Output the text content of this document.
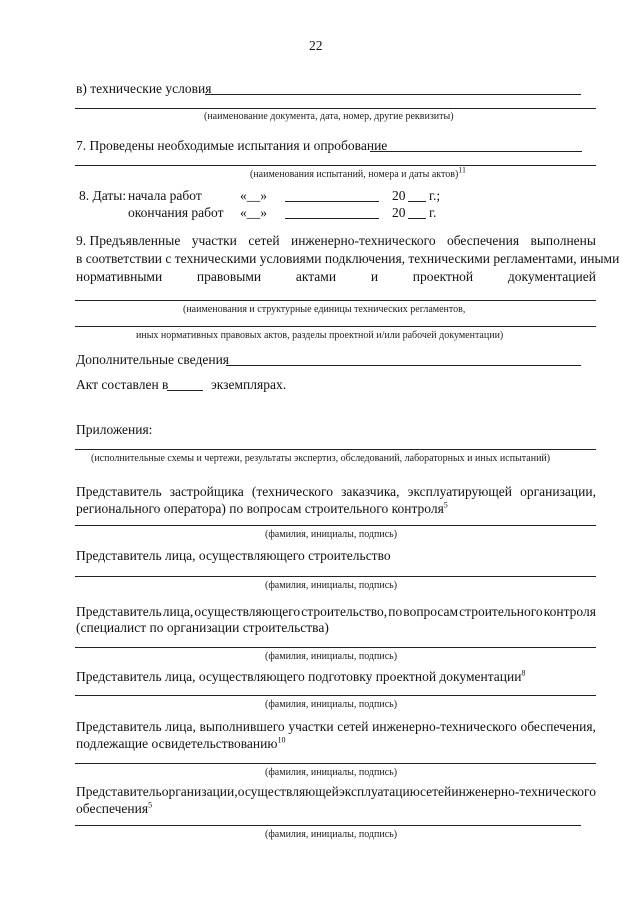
22
в) технические условия
(наименование документа, дата, номер, другие реквизиты)
7. Проведены необходимые испытания и опробование
(наименования испытаний, номера и даты актов)$^{11}$
8. Даты: начала работ	«__»	20 г.;
окончания работ «__»	20 г.
9. Предъявленные участки сетей инженерно-технического обеспечения выполнены
в соответствии с техническими условиями подключения, техническими регламентами, иными
нормативными	правовыми	актами	и	проектной	документацией
(наименования и структурные единицы технических регламентов,
иных нормативных правовых актов, разделы проектной и/или рабочей документации)
Дополнительные сведения
Акт составлен в	экземплярах.
Приложения:
(исполнительные схемы и чертежи, результаты экспертиз, обследований, лабораторных и иных испытаний)
Представитель застройщика (технического заказчика, эксплуатирующей организации,
регионального оператора) по вопросам строительного контроля$^5$
(фамилия, инициалы, подпись)
Представитель лица, осуществляющего строительство
(фамилия, инициалы, подпись)
Представитель лица, осуществляющего строительство, по вопросам строительного контроля
(специалист по организации строительства)
(фамилия, инициалы, подпись)
Представитель лица, осуществляющего подготовку проектной документации$^8$
(фамилия, инициалы, подпись)
Представитель лица, выполнившего участки сетей инженерно-технического обеспечения,
подлежащие освидетельствованию$^{10}$
(фамилия, инициалы, подпись)
Представитель организации, осуществляющей эксплуатацию сетей инженерно-технического
обеспечения$^5$
(фамилия, инициалы, подпись)
